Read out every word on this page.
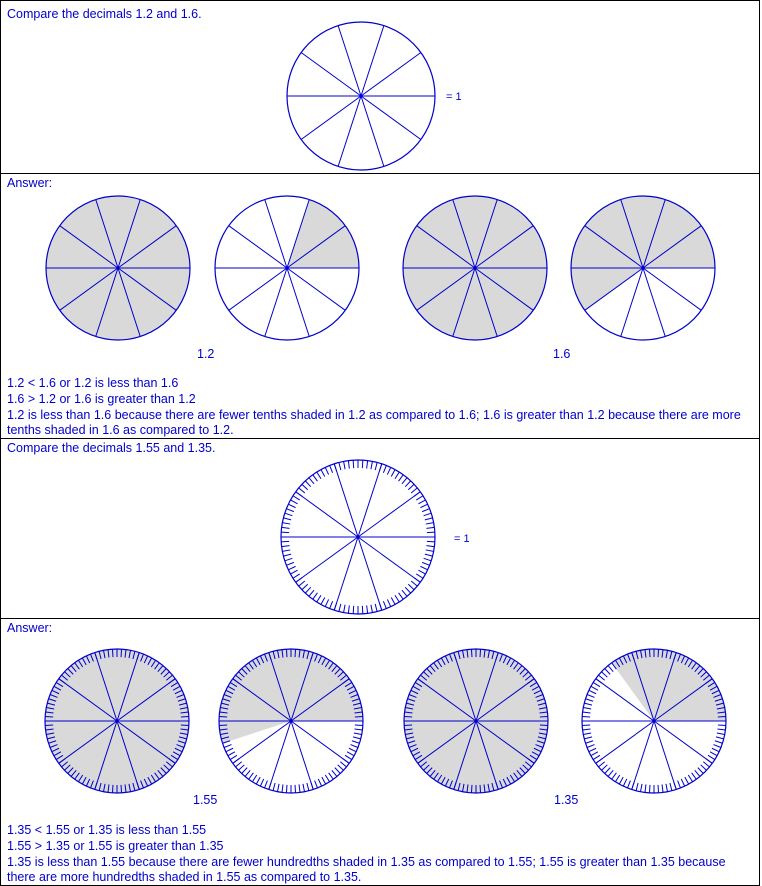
Compare the decimals 1.2 and 1.6.
= 1
Answer:
1.2	1.6
1.2 < 1.6 or 1.2 is less than 1.6
1.6 > 1.2 or 1.6 is greater than 1.2
1.2 is less than 1.6 because there are fewer tenths shaded in 1.2 as compared to 1.6; 1.6 is greater than 1.2 because there are more tenths shaded in 1.6 as compared to 1.2.
Compare the decimals 1.55 and 1.35.
= 1
Answer:
1.55	1.35
1.35 < 1.55 or 1.35 is less than 1.55
1.55 > 1.35 or 1.55 is greater than 1.35
1.35 is less than 1.55 because there are fewer hundredths shaded in 1.35 as compared to 1.55; 1.55 is greater than 1.35 because there are more hundredths shaded in 1.55 as compared to 1.35.
